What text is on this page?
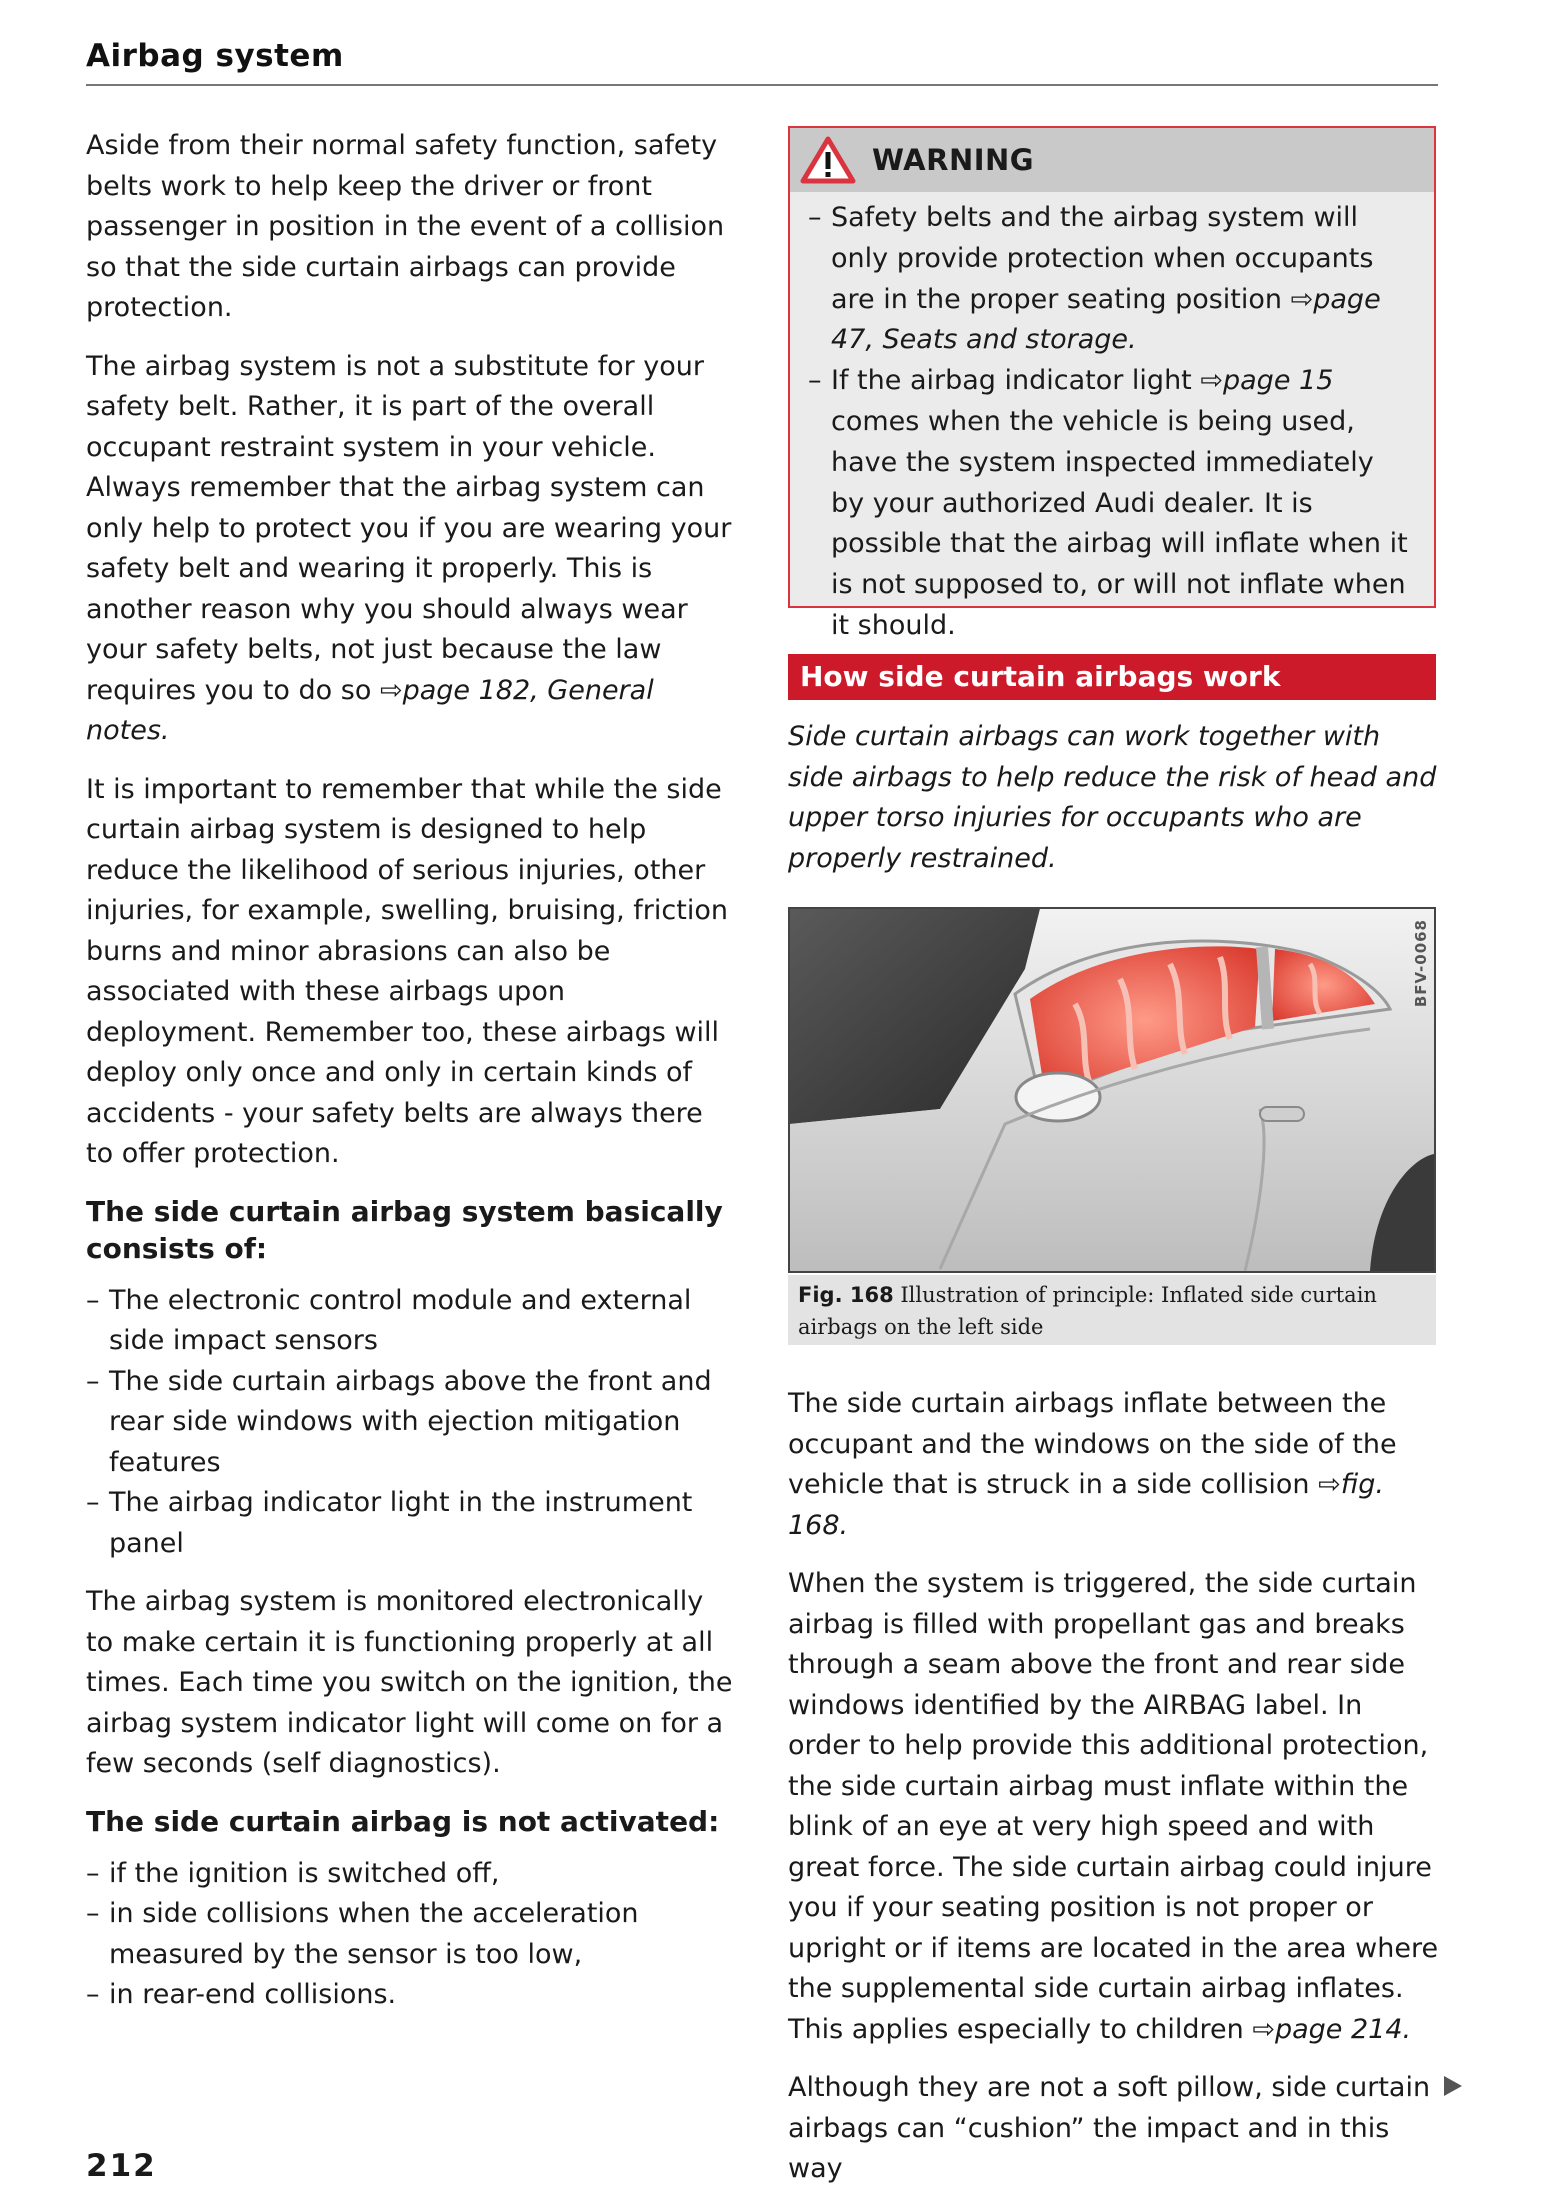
Airbag system

Aside from their normal safety function, safety belts work to help keep the driver or front passenger in position in the event of a collision so that the side curtain airbags can provide protection.

The airbag system is not a substitute for your safety belt. Rather, it is part of the overall occupant restraint system in your vehicle. Always remember that the airbag system can only help to protect you if you are wearing your safety belt and wearing it properly. This is another reason why you should always wear your safety belts, not just because the law requires you to do so ⇨page 182, General notes.

It is important to remember that while the side curtain airbag system is designed to help reduce the likelihood of serious injuries, other injuries, for example, swelling, bruising, friction burns and minor abrasions can also be associated with these airbags upon deployment. Remember too, these airbags will deploy only once and only in certain kinds of accidents - your safety belts are always there to offer protection.

The side curtain airbag system basically consists of:
– The electronic control module and external side impact sensors
– The side curtain airbags above the front and rear side windows with ejection mitigation features
– The airbag indicator light in the instrument panel

The airbag system is monitored electronically to make certain it is functioning properly at all times. Each time you switch on the ignition, the airbag system indicator light will come on for a few seconds (self diagnostics).

The side curtain airbag is not activated:
– if the ignition is switched off,
– in side collisions when the acceleration measured by the sensor is too low,
– in rear-end collisions.
WARNING
– Safety belts and the airbag system will only provide protection when occupants are in the proper seating position ⇨page 47, Seats and storage.
– If the airbag indicator light ⇨page 15 comes when the vehicle is being used, have the system inspected immediately by your authorized Audi dealer. It is possible that the airbag will inflate when it is not supposed to, or will not inflate when it should.
How side curtain airbags work
Side curtain airbags can work together with side airbags to help reduce the risk of head and upper torso injuries for occupants who are properly restrained.
BFV-0068
Fig. 168 Illustration of principle: Inflated side curtain airbags on the left side

The side curtain airbags inflate between the occupant and the windows on the side of the vehicle that is struck in a side collision ⇨fig. 168.

When the system is triggered, the side curtain airbag is filled with propellant gas and breaks through a seam above the front and rear side windows identified by the AIRBAG label. In order to help provide this additional protection, the side curtain airbag must inflate within the blink of an eye at very high speed and with great force. The side curtain airbag could injure you if your seating position is not proper or upright or if items are located in the area where the supplemental side curtain airbag inflates. This applies especially to children ⇨page 214.

Although they are not a soft pillow, side curtain airbags can “cushion” the impact and in this way

212
